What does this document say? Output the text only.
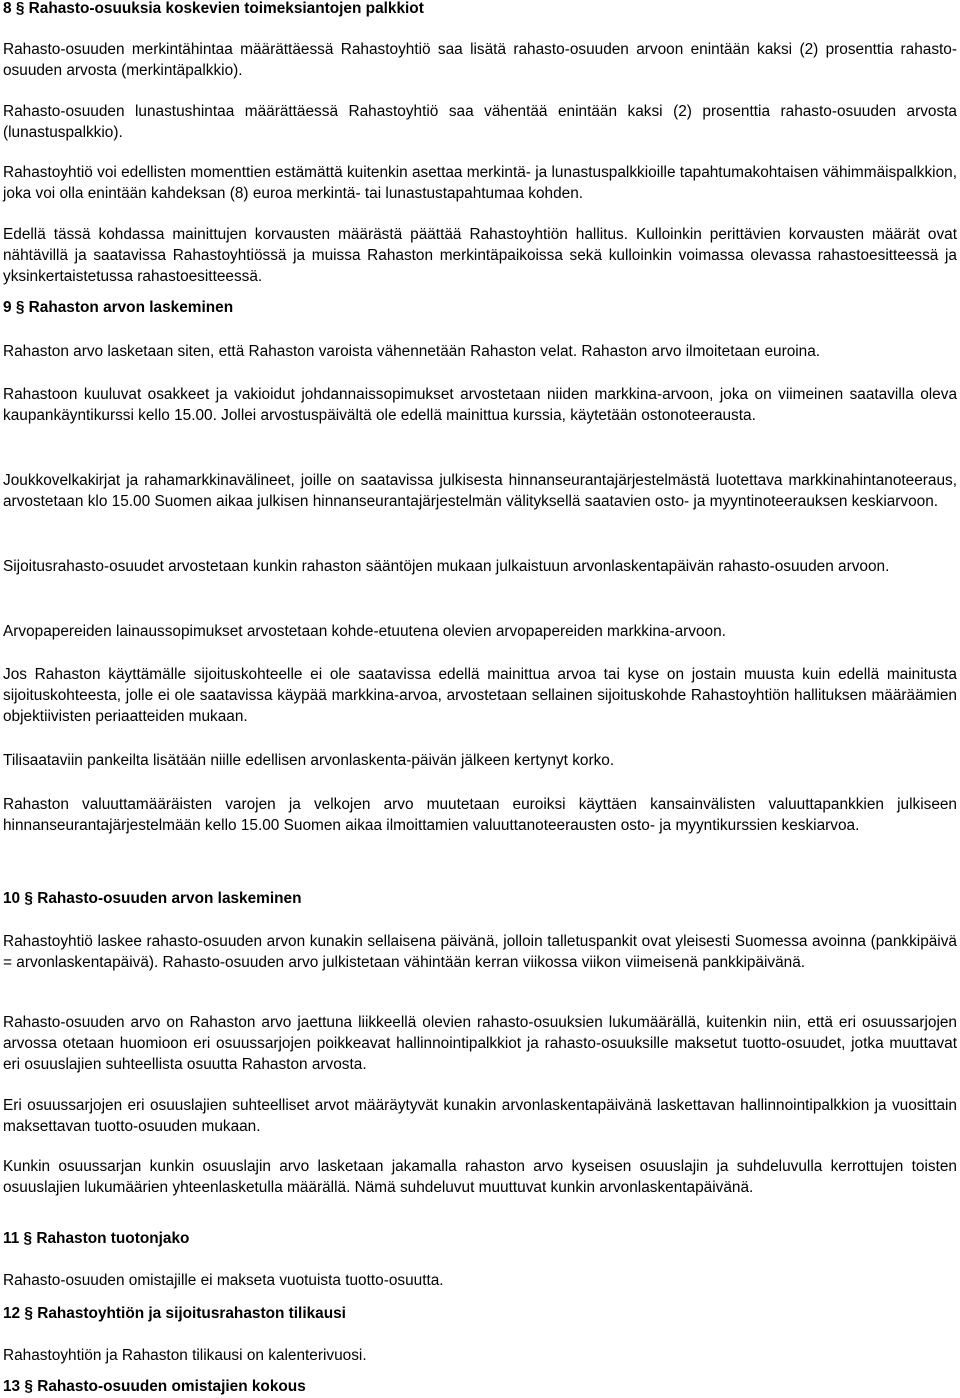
8 § Rahasto-osuuksia koskevien toimeksiantojen palkkiot

Rahasto-osuuden merkintähintaa määrättäessä Rahastoyhtiö saa lisätä rahasto-osuuden arvoon enintään kaksi (2) prosenttia rahasto-osuuden arvosta (merkintäpalkkio).

Rahasto-osuuden lunastushintaa määrättäessä Rahastoyhtiö saa vähentää enintään kaksi (2) prosenttia rahasto-osuuden arvosta (lunastuspalkkio).

Rahastoyhtiö voi edellisten momenttien estämättä kuitenkin asettaa merkintä- ja lunastuspalkkioille tapahtumakohtaisen vähimmäispalkkion, joka voi olla enintään kahdeksan (8) euroa merkintä- tai lunastustapahtumaa kohden.

Edellä tässä kohdassa mainittujen korvausten määrästä päättää Rahastoyhtiön hallitus. Kulloinkin perittävien korvausten määrät ovat nähtävillä ja saatavissa Rahastoyhtiössä ja muissa Rahaston merkintäpaikoissa sekä kulloinkin voimassa olevassa rahastoesitteessä ja yksinkertaistetussa rahastoesitteessä.

9 § Rahaston arvon laskeminen

Rahaston arvo lasketaan siten, että Rahaston varoista vähennetään Rahaston velat. Rahaston arvo ilmoitetaan euroina.

Rahastoon kuuluvat osakkeet ja vakioidut johdannaissopimukset arvostetaan niiden markkina-arvoon, joka on viimeinen saatavilla oleva kaupankäyntikurssi kello 15.00. Jollei arvostuspäivältä ole edellä mainittua kurssia, käytetään ostonoteerausta.

Joukkovelkakirjat ja rahamarkkinavälineet, joille on saatavissa julkisesta hinnanseurantajärjestelmästä luotettava markkinahintanoteeraus, arvostetaan klo 15.00 Suomen aikaa julkisen hinnanseurantajärjestelmän välityksellä saatavien osto- ja myyntinoteerauksen keskiarvoon.

Sijoitusrahasto-osuudet arvostetaan kunkin rahaston sääntöjen mukaan julkaistuun arvonlaskentapäivän rahasto-osuuden arvoon.

Arvopapereiden lainaussopimukset arvostetaan kohde-etuutena olevien arvopapereiden markkina-arvoon.

Jos Rahaston käyttämälle sijoituskohteelle ei ole saatavissa edellä mainittua arvoa tai kyse on jostain muusta kuin edellä mainitusta sijoituskohteesta, jolle ei ole saatavissa käypää markkina-arvoa, arvostetaan sellainen sijoituskohde Rahastoyhtiön hallituksen määräämien objektiivisten periaatteiden mukaan.

Tilisaataviin pankeilta lisätään niille edellisen arvonlaskenta-päivän jälkeen kertynyt korko.

Rahaston valuuttamääräisten varojen ja velkojen arvo muutetaan euroiksi käyttäen kansainvälisten valuuttapankkien julkiseen hinnanseurantajärjestelmään kello 15.00 Suomen aikaa ilmoittamien valuuttanoteerausten osto- ja myyntikurssien keskiarvoa.

10 § Rahasto-osuuden arvon laskeminen

Rahastoyhtiö laskee rahasto-osuuden arvon kunakin sellaisena päivänä, jolloin talletuspankit ovat yleisesti Suomessa avoinna (pankkipäivä = arvonlaskentapäivä). Rahasto-osuuden arvo julkistetaan vähintään kerran viikossa viikon viimeisenä pankkipäivänä.

Rahasto-osuuden arvo on Rahaston arvo jaettuna liikkeellä olevien rahasto-osuuksien lukumäärällä, kuitenkin niin, että eri osuussarjojen arvossa otetaan huomioon eri osuussarjojen poikkeavat hallinnointipalkkiot ja rahasto-osuuksille maksetut tuotto-osuudet, jotka muuttavat eri osuuslajien suhteellista osuutta Rahaston arvosta.

Eri osuussarjojen eri osuuslajien suhteelliset arvot määräytyvät kunakin arvonlaskentapäivänä laskettavan hallinnointipalkkion ja vuosittain maksettavan tuotto-osuuden mukaan.

Kunkin osuussarjan kunkin osuuslajin arvo lasketaan jakamalla rahaston arvo kyseisen osuuslajin ja suhdeluvulla kerrottujen toisten osuuslajien lukumäärien yhteenlasketulla määrällä. Nämä suhdeluvut muuttuvat kunkin arvonlaskentapäivänä.

11 § Rahaston tuotonjako

Rahasto-osuuden omistajille ei makseta vuotuista tuotto-osuutta.

12 § Rahastoyhtiön ja sijoitusrahaston tilikausi

Rahastoyhtiön ja Rahaston tilikausi on kalenterivuosi.

13 § Rahasto-osuuden omistajien kokous
